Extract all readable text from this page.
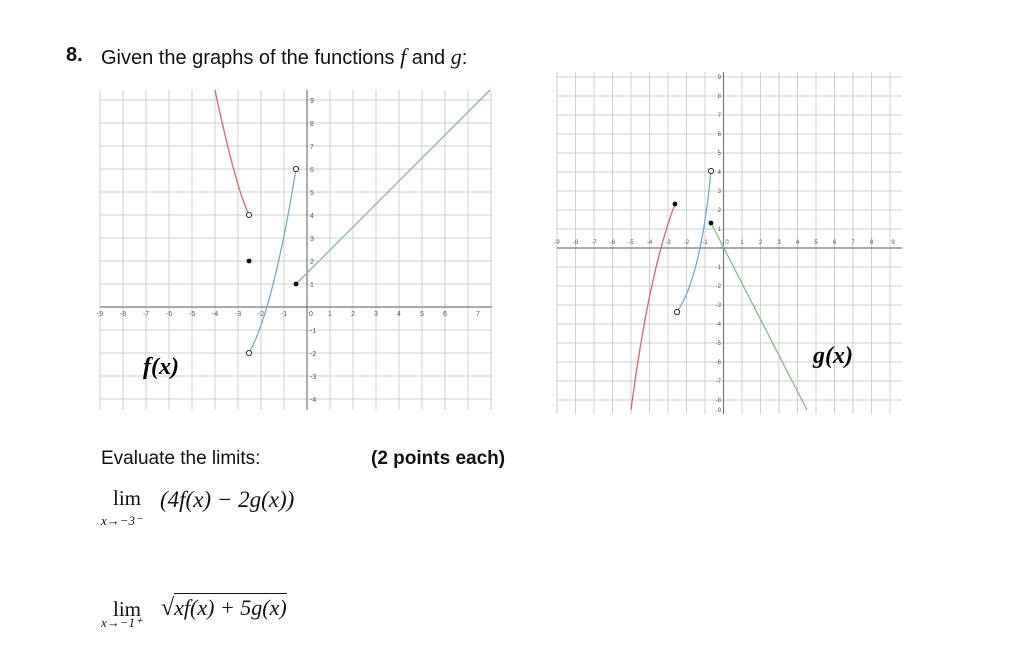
8. Given the graphs of the functions f and g:
-9 -8 -7 -6 -5 -4 -3 -2 -1	0 1	2	3	4	5	6	7
9
8
7
6
5
4
3
2
1
-1
-2
-3
-4
f(x)
-9 -8 -7 -6 -5 -4 -3 -2 -1	0 1	2	3	4	5	6	7	8	9
9
8
7
6
5
4
3
2
1
-1
-2
-3
-4
-5
-6
-7
-8
-9
g(x)
Evaluate the limits:	(2 points each)
lim
x→−3⁻
(4f(x) − 2g(x))
lim
x→−1⁺
√xf(x) + 5g(x)
